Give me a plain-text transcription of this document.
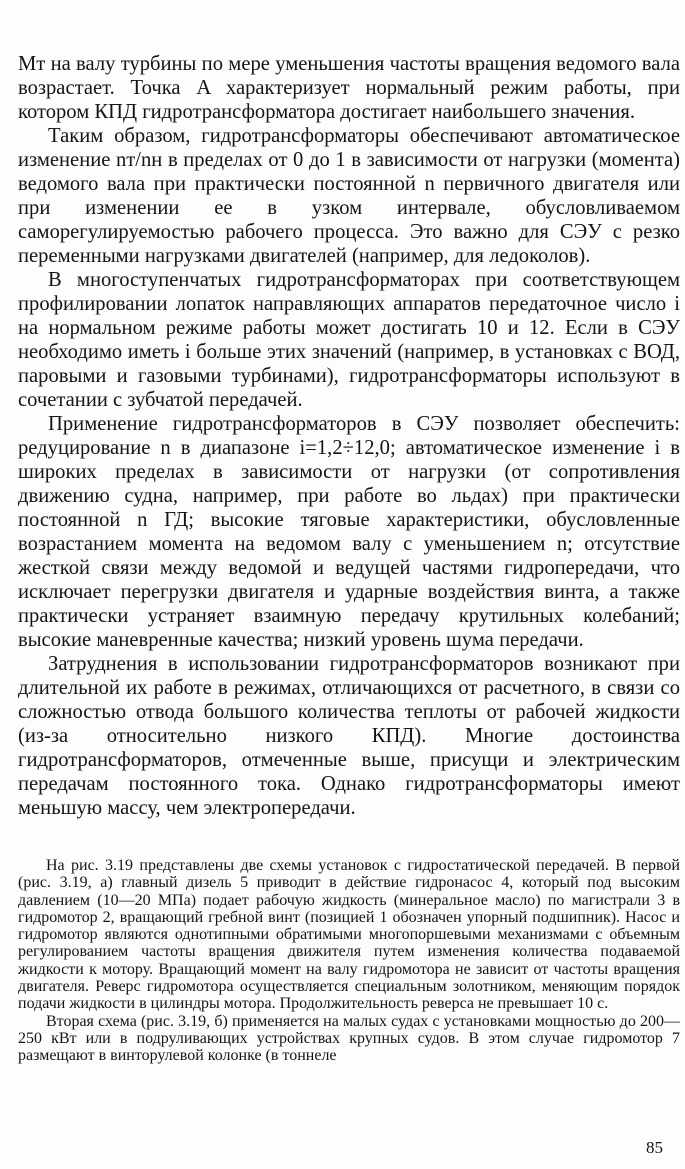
Mт на валу турбины по мере уменьшения частоты вращения ведомого вала возрастает. Точка A характеризует нормальный режим работы, при котором КПД гидротрансформатора достигает наибольшего значения.

Таким образом, гидротрансформаторы обеспечивают автоматическое изменение nт/nн в пределах от 0 до 1 в зависимости от нагрузки (момента) ведомого вала при практически постоянной n первичного двигателя или при изменении ее в узком интервале, обусловливаемом саморегулируемостью рабочего процесса. Это важно для СЭУ с резко переменными нагрузками двигателей (например, для ледоколов).

В многоступенчатых гидротрансформаторах при соответствующем профилировании лопаток направляющих аппаратов передаточное число i на нормальном режиме работы может достигать 10 и 12. Если в СЭУ необходимо иметь i больше этих значений (например, в установках с ВОД, паровыми и газовыми турбинами), гидротрансформаторы используют в сочетании с зубчатой передачей.

Применение гидротрансформаторов в СЭУ позволяет обеспечить: редуцирование n в диапазоне i=1,2÷12,0; автоматическое изменение i в широких пределах в зависимости от нагрузки (от сопротивления движению судна, например, при работе во льдах) при практически постоянной n ГД; высокие тяговые характеристики, обусловленные возрастанием момента на ведомом валу с уменьшением n; отсутствие жесткой связи между ведомой и ведущей частями гидропередачи, что исключает перегрузки двигателя и ударные воздействия винта, а также практически устраняет взаимную передачу крутильных колебаний; высокие маневренные качества; низкий уровень шума передачи.

Затруднения в использовании гидротрансформаторов возникают при длительной их работе в режимах, отличающихся от расчетного, в связи со сложностью отвода большого количества теплоты от рабочей жидкости (из-за относительно низкого КПД). Многие достоинства гидротрансформаторов, отмеченные выше, присущи и электрическим передачам постоянного тока. Однако гидротрансформаторы имеют меньшую массу, чем электропередачи.

На рис. 3.19 представлены две схемы установок с гидростатической передачей. В первой (рис. 3.19, а) главный дизель 5 приводит в действие гидронасос 4, который под высоким давлением (10—20 МПа) подает рабочую жидкость (минеральное масло) по магистрали 3 в гидромотор 2, вращающий гребной винт (позицией 1 обозначен упорный подшипник). Насос и гидромотор являются однотипными обратимыми многопоршевыми механизмами с объемным регулированием частоты вращения движителя путем изменения количества подаваемой жидкости к мотору. Вращающий момент на валу гидромотора не зависит от частоты вращения двигателя. Реверс гидромотора осуществляется специальным золотником, меняющим порядок подачи жидкости в цилиндры мотора. Продолжительность реверса не превышает 10 с.

Вторая схема (рис. 3.19, б) применяется на малых судах с установками мощностью до 200—250 кВт или в подруливающих устройствах крупных судов. В этом случае гидромотор 7 размещают в винторулевой колонке (в тоннеле

85
